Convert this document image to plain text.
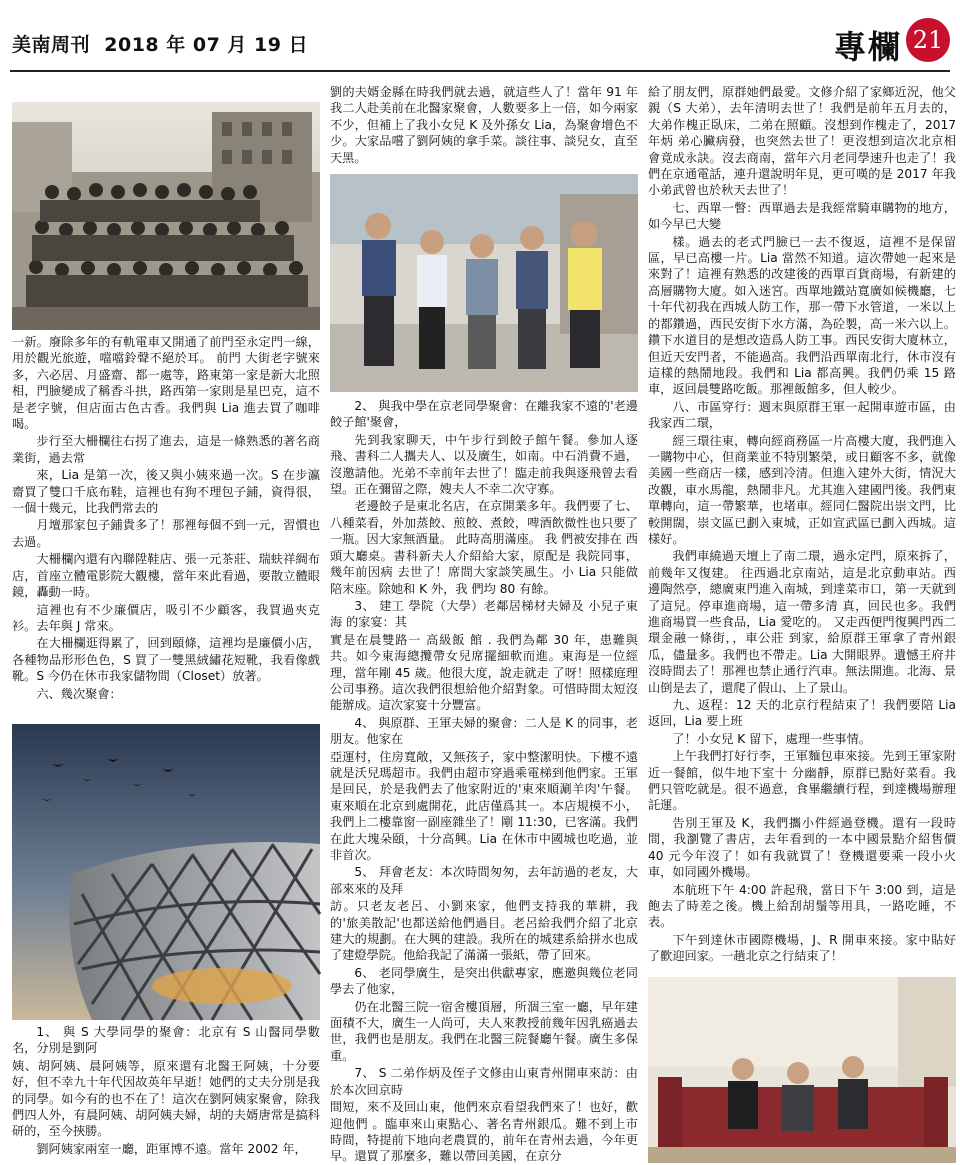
美南周刊 2018 年 07 月 19 日	專欄 21

一新。廢除多年的有軌電車又開通了前門至永定門一線，用於觀光旅遊，噹噹鈴聲不絕於耳。 前門 大街老字號來多，六必居、月盛齋、都一處等，路東第一家是新大北照相，門臉變成了稱香斗拱，路西第一家則是星巴克，這不是老字號，但店面古色古香。我們與 Lia 進去買了咖啡喝。

步行至大柵欄往右拐了進去，這是一條熟悉的著名商業街，過去常

來，Lia 是第一次，後又與小姨來過一次。S 在步瀛齋買了雙口千底布鞋，這裡也有狗不理包子鋪，資得很，一個十幾元，比我們常去的

月壇那家包子鋪貴多了！那裡每個不到一元，習慣也去過。

大柵欄內還有內聯陞鞋店、張一元茶莊、瑞蚨祥綢布店，首座立體電影院大觀樓，當年來此看過，要散立體眼鏡，轟動一時。

這裡也有不少廉價店，吸引不少顧客，我買過夾克衫。去年與 J 常來。

在大柵欄逛得累了，回到頤條，這裡均是廉價小店，各種物品形形色色，S 買了一雙黑絨繡花短靴，我看像戲靴。S 今仍在休市我家儲物間（Closet）放著。

六、幾次聚會：

1、 與 S 大學同學的聚會：北京有 S 山醫同學數名，分別是劉阿

姨、胡阿姨、晨阿姨等，原來還有北醫王阿姨，十分要好，但不幸九十年代因故英年早逝！她們的丈夫分別是我的同學。如今有的也不在了！這次在劉阿姨家聚會，除我們四人外，有晨阿姨、胡阿姨夫婦，胡的夫婿唐常是搞科研的，至今挾勝。

劉阿姨家兩室一廳，距軍博不遠。當年 2002 年，

劉的夫婿金縣在時我們就去過，就這些人了！當年 91 年我二人赴美前在北醫家聚會，人數要多上一倍，如今兩家不少，但補上了我小女兒 K 及外孫女 Lia，為聚會增色不少。大家品嚐了劉阿姨的拿手菜。談往事、談兒女，直至天黑。

2、 與我中學在京老同學聚會：在離我家不遠的'老邊餃子館'聚會，

先到我家聊天，中午步行到餃子館午餐。參加人逐飛、書科二人攜夫人、以及廣生，如南。中石消費不過，沒邀請他。光弟不幸前年去世了！臨走前我與逐飛曾去看望。正在彌留之際，嫂夫人不幸二次守寡。

老邊餃子是東北名店，在京開業多年。我們要了七、八種菜看，外加蒸餃、煎餃、煮餃，啤酒飲微性也只要了一瓶。因大家無酒量。 此時高朋滿座。 我 們被安排在 西頭大廳桌。書科新夫人介紹給大家，原配是 我院同事，幾年前因病 去世了！席間大家談笑風生。小 Lia 只能做陪末座。除她和 K 外，我 們均 80 有餘。

3、 建工 學院（大學）老鄰居梯材夫婦及 小兒子東 海 的家宴：其

實是在晨雙路一 高級飯 館 . 我們為鄰 30 年，患難與共。如今東海總攬帶女兒席擺細軟而進。東海是一位經理，當年剛 45 歲。他很大度，說走就走 了呀！照樣庭理公司事務。這次我們很想給他介紹對象。可惜時間太短沒能辦成。這次家宴十分豐富。

4、 與原群、王軍夫婦的聚會：二人是 K 的同事，老朋友。他家在

亞運村，住房寬敞，又無孩子，家中整潔明快。下樓不遠就是沃兒瑪超市。我們由超市穿過乘電梯到他們家。王軍是回民，於是我們去了他家附近的'東來順涮羊肉'午餐。東來順在北京到處開花，此店僅爲其一。本店規模不小，我們上二樓靠窗一副座雜坐了！剛 11:30，已客滿。我們在此大塊朵頤，十分高興。Lia 在休市中國城也吃過，並非首次。

5、 拜會老友：本次時間匆匆，去年訪過的老友，大部來來的及拜

訪。只老友老呂、小劉來家，他們支持我的華耕，我的'旅美散記'也都送給他們過目。老呂給我們介紹了北京建大的規劃。在大興的建設。我所在的城建系給拼水也成了建燈學院。他給我記了滿滿一張紙，帶了回來。

6、 老同學廣生，是突出供獻專家，應邀與幾位老同學去了他家，

仍在北醫三院一宿舍樓頂層，所涸三室一廳，早年建面積不大，廣生一人尚可，夫人來教授前幾年因乳癌過去世，我們也是朋友。我們在北醫三院餐廳午餐。廣生多保重。

7、 S 二弟作炳及侄子文修由山東青州開車來訪：由於本次回京時

間短，來不及回山東，他們來京看望我們來了！也好，歡迎他們 。臨車來山東點心、著名青州銀瓜。難不到上市時間，特提前下地向老農買的，前年在青州去過，今年更早。還買了那麼多，難以帶回美國，在京分

給了朋友們，原群她們最愛。文修介紹了家鄉近況，他父親（S 大弟），去年清明去世了！我們是前年五月去的，大弟作槐正臥床，二弟在照顧。沒想到作槐走了，2017 年炳 弟心臟病發，也突然去世了！更沒想到這次北京相會竟成永訣。沒去商南，當年六月老同學速升也走了！我們在京通電話，連升還說明年見，更可嘆的是 2017 年我小弟武曾也於秋天去世了！

七、西單一瞥：西單過去是我經常騎車購物的地方，如今早已大變

樣。過去的老式門臉已一去不復返，這裡不是保留區，早已高樓一片。Lia 當然不知道。這次帶她一起來是來對了！這裡有熟悉的改建後的西單百貨商場，有新建的高層購物大廈。如入迷宮。西單地鐵站寬廣如候機廳，七十年代初我在西城人防工作，那一帶下水管道，一米以上的都鑽過，西民安街下水方滿，為砼製，高一米六以上。鑽下水道目的是想改造爲人防工事。西民安街大廈林立，但近天安門者，不能過高。我們沿西單南北行，休市沒有這樣的熱鬧地段。我們和 Lia 都高興。我們仍乘 15 路車，返回晨雙路吃飯。那裡飯館多，但人較少。

八、市區穿行：週末與原群王軍一起開車遊市區，由我家西二環，

經三環往東，轉向經商務區一片高樓大廈，我們進入一購物中心，但商業並不特別繁榮，或日顧客不多，就像美國一些商店一樣，感到冷清。但進入建外大街，情況大改觀，車水馬龍，熱鬧非凡。尤其進入建國門後。我們東單轉向，這一帶繁華，也堵車。經同仁醫院出崇文門，比較開闊，崇文區已劃入東城，正如宣武區已劃入西城。這樣好。

我們車繞過天壇上了南二環，過永定門，原來拆了，前幾年又復建。 往西過北京南站，這是北京動車站。西邊陶然亭，總廣東門進入南城，到達菜市口，第一天就到了這兒。停車進商場，這一帶多清 真，回民也多。我們進商場買一些食品，Lia 愛吃的。 又走西便門復興門西二環金融一條街，，車公莊 到家，給原群王軍拿了青州銀瓜，儘量多。我們也不帶走。Lia 大開眼界。遺憾王府井沒時間去了！那裡也禁止通行汽車。無法開進。北海、景山倒是去了，還爬了假山、上了景山。

九、返程：12 天的北京行程結束了！我們要陪 Lia 返回，Lia 要上班

了！小女兒 K 留下，處理一些事情。

上午我們打好行李，王軍麵包車來接。先到王軍家附近一餐館，似牛地下室十 分幽靜，原群已點好菜看。我們只管吃就是。很不過意，食畢繼續行程，到達機場辦理託運。

告別王軍及 K，我們攜小件經過登機。還有一段時間，我瀏覽了書店，去年看到的一本中國景點介紹售價 40 元今年沒了！如有我就買了！登機還要乘一段小火車，如同國外機場。

本航班下午 4:00 許起飛，當日下午 3:00 到，這是飽去了時差之後。機上給刮胡鬚等用具，一路吃睡，不表。

下午到達休市國際機場，J、R 開車來接。家中貼好了歡迎回家。一趟北京之行結束了！
